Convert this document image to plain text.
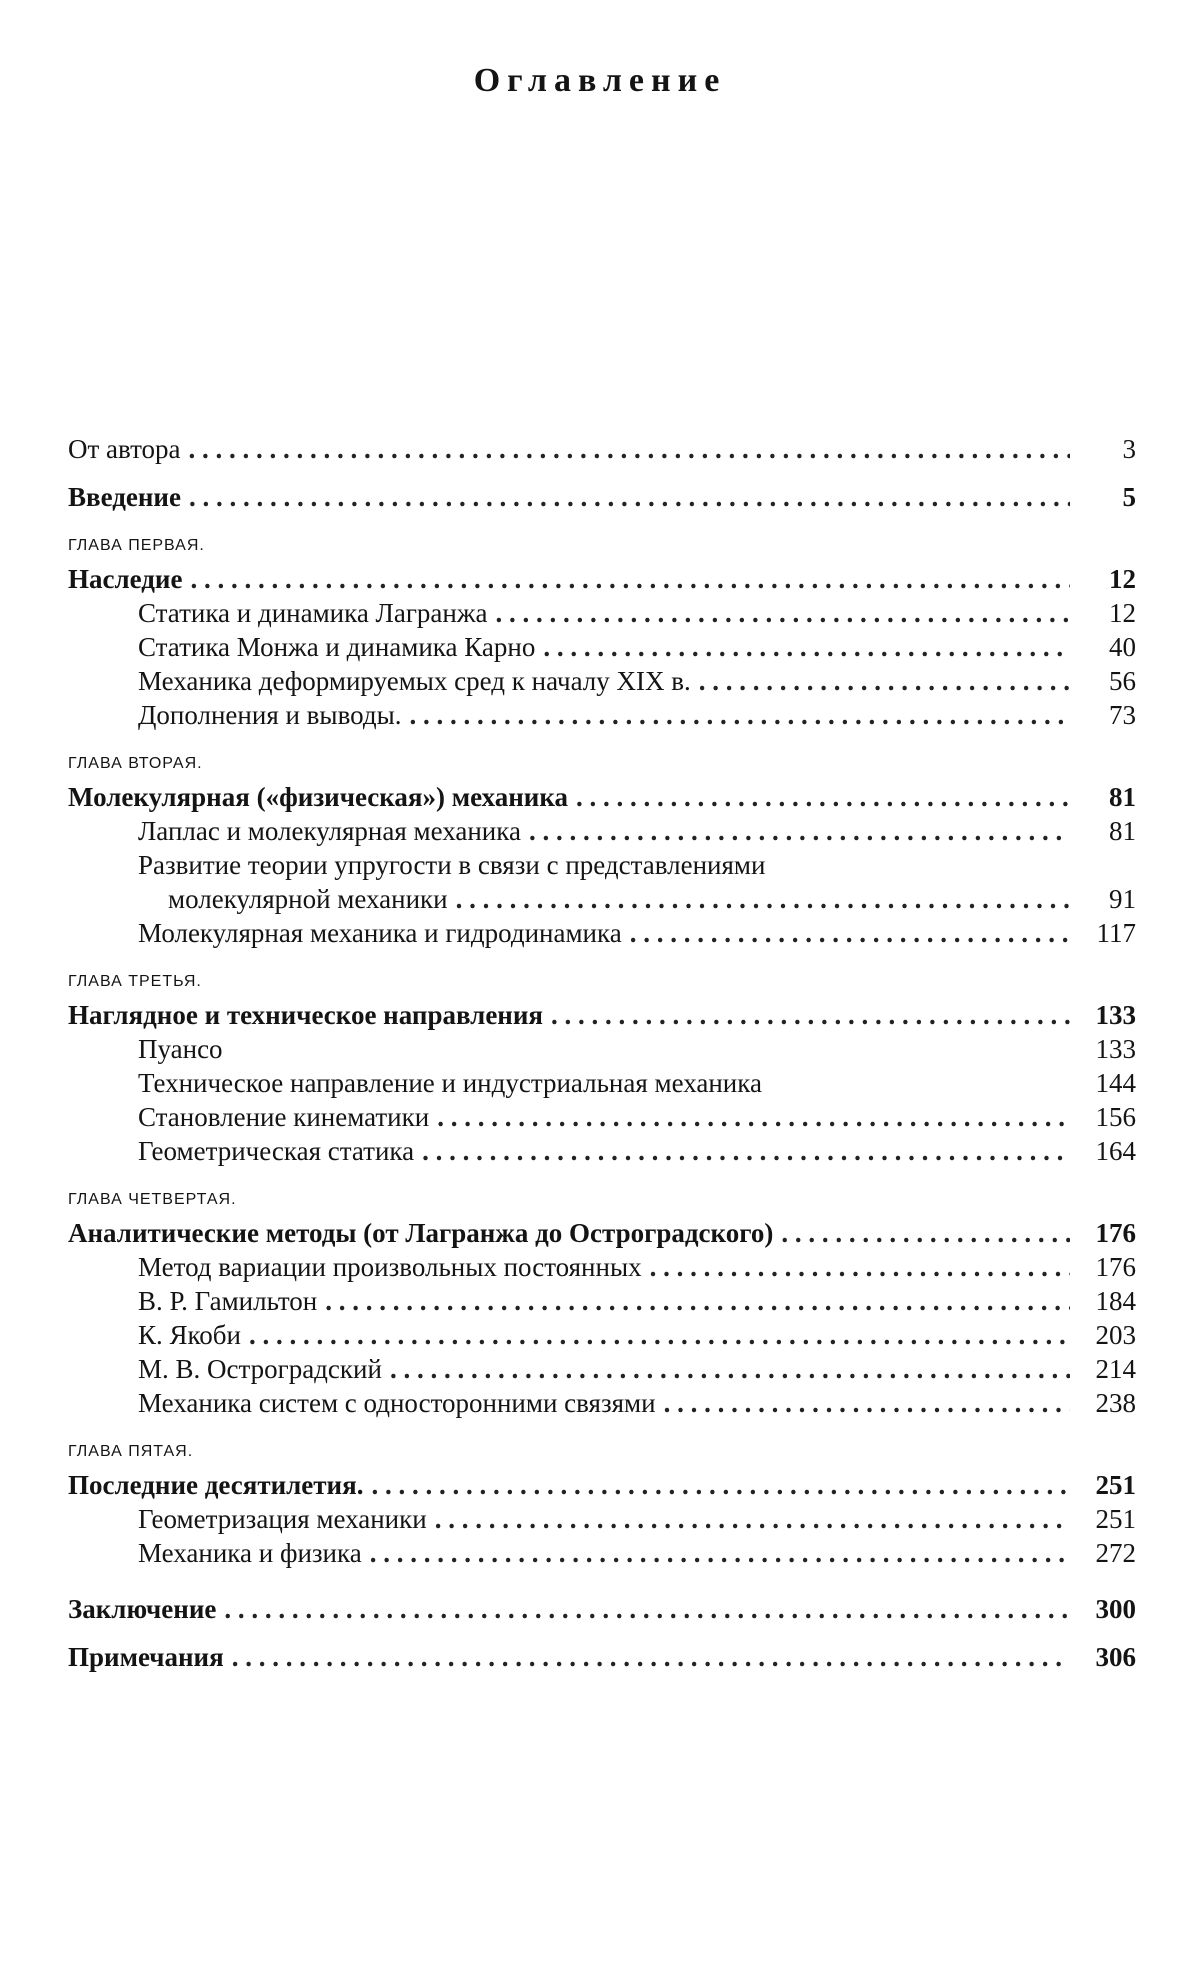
Оглавление
От автора . . .	3
Введение . . .	5
ГЛАВА ПЕРВАЯ.
Наследие . . .	12
Статика и динамика Лагранжа . . .	12
Статика Монжа и динамика Карно . . .	40
Механика деформируемых сред к началу XIX в. . . .	56
Дополнения и выводы. . . .	73
ГЛАВА ВТОРАЯ.
Молекулярная («физическая») механика . . .	81
Лаплас и молекулярная механика . . .	81
Развитие теории упругости в связи с представлениями
молекулярной механики . . .	91
Молекулярная механика и гидродинамика . . .	117
ГЛАВА ТРЕТЬЯ.
Наглядное и техническое направления . . .	133
Пуансо	133
Техническое направление и индустриальная механика	144
Становление кинематики . . .	156
Геометрическая статика . . .	164
ГЛАВА ЧЕТВЕРТАЯ.
Аналитические методы (от Лагранжа до Остроградского) . . .	176
Метод вариации произвольных постоянных . . .	176
В. Р. Гамильтон . . .	184
К. Якоби . . .	203
М. В. Остроградский . . .	214
Механика систем с односторонними связями . . .	238
ГЛАВА ПЯТАЯ.
Последние десятилетия. . . .	251
Геометризация механики . . .	251
Механика и физика . . .	272
Заключение . . .	300
Примечания . . .	306
